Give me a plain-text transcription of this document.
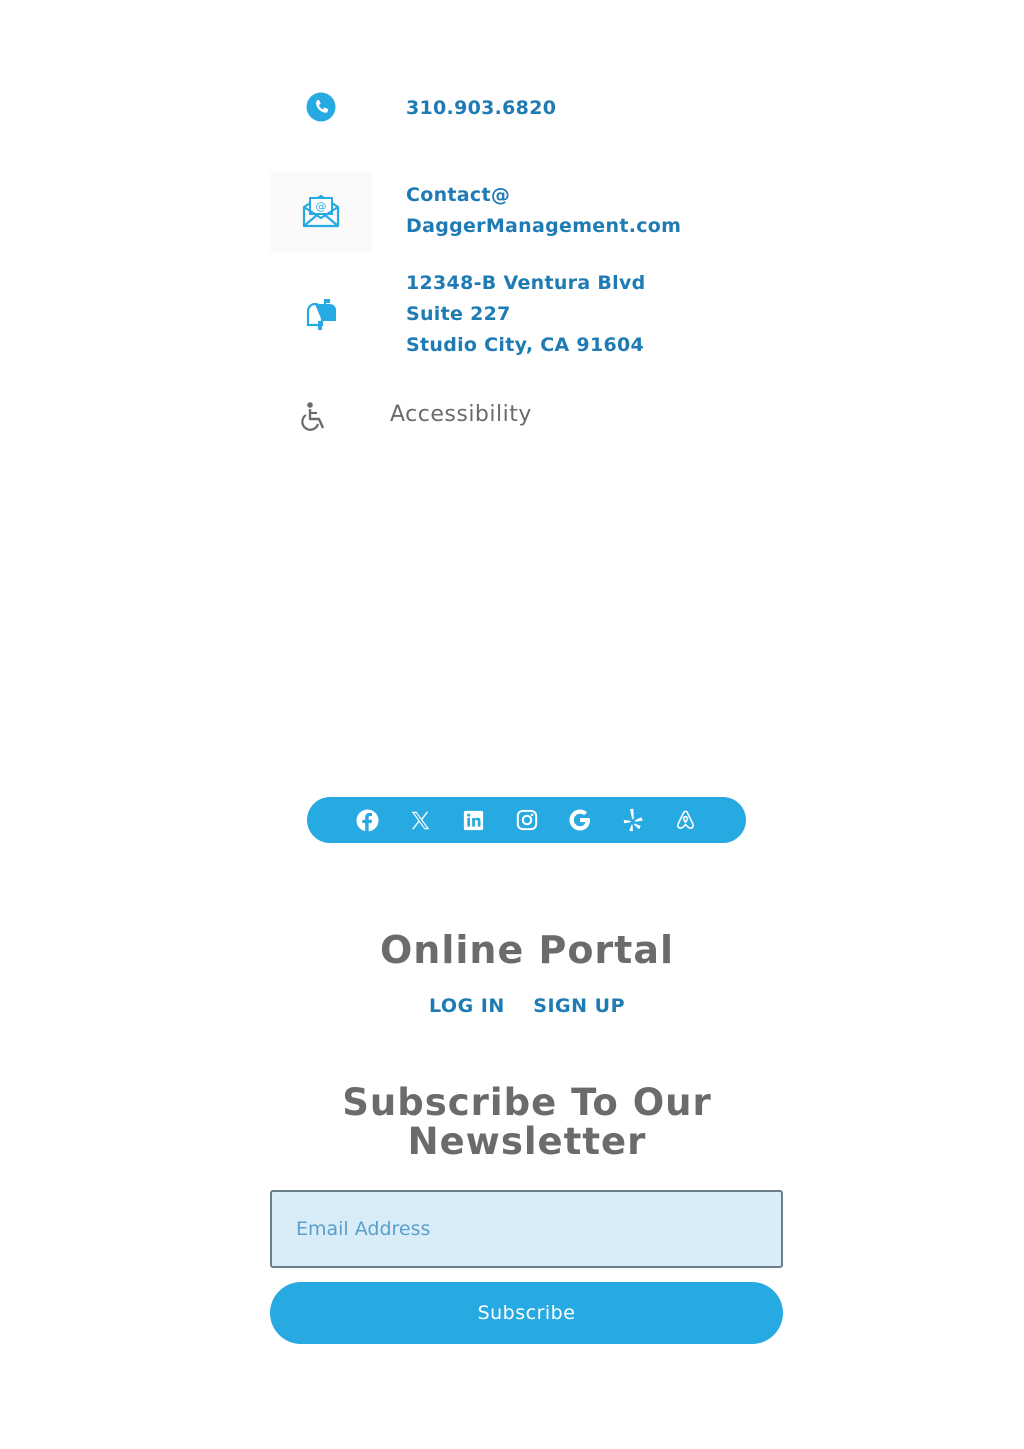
310.903.6820
@
Contact@
DaggerManagement.com
12348-B Ventura Blvd
Suite 227
Studio City, CA 91604
Accessibility
Online Portal
LOG IN SIGN UP
Subscribe To Our
Newsletter
Email Address
Subscribe
